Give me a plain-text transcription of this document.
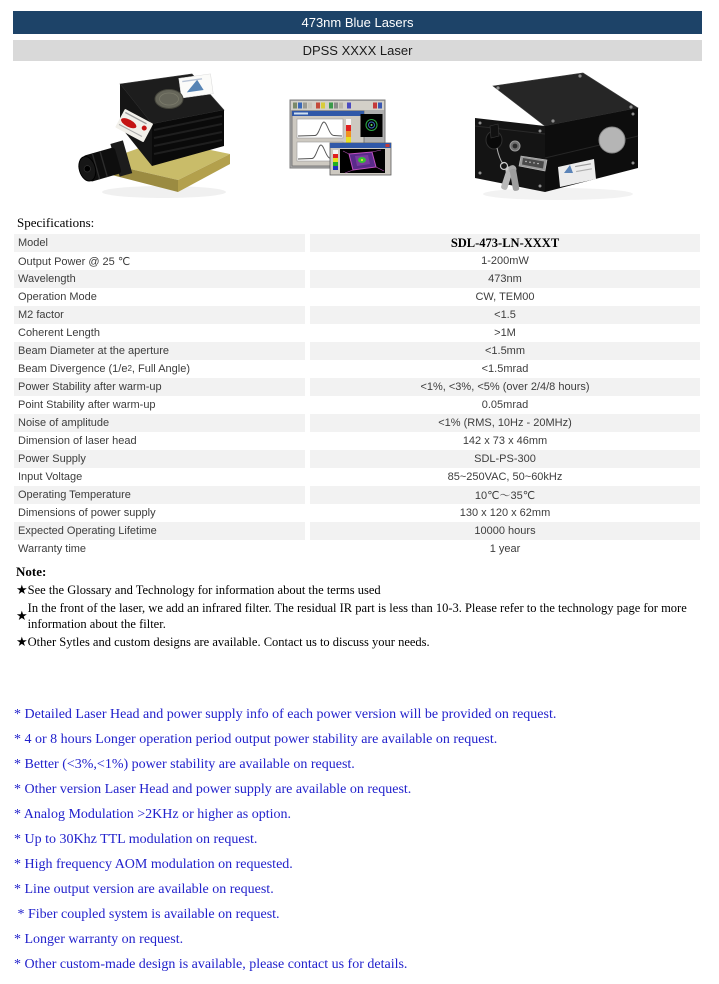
473nm Blue Lasers
DPSS XXXX Laser
Specifications:
Model	SDL-473-LN-XXXT
Output Power @ 25 ℃	1-200mW
Wavelength	473nm
Operation Mode	CW, TEM00
M2 factor	<1.5
Coherent Length	>1M
Beam Diameter at the aperture	<1.5mm
Beam Divergence (1/e 2 , Full Angle)	<1.5mrad
Power Stability after warm-up	<1%, <3%, <5% (over 2/4/8 hours)
Point Stability after warm-up	0.05mrad
Noise of amplitude	<1% (RMS, 10Hz - 20MHz)
Dimension of laser head	142 x 73 x 46mm
Power Supply	SDL-PS-300
Input Voltage	85~250VAC, 50~60kHz
Operating Temperature	10℃～35℃
Dimensions of power supply	130 x 120 x 62mm
Expected Operating Lifetime	10000 hours
Warranty time	1 year
Note:
★ See the Glossary and Technology for information about the terms used
★ In the front of the laser, we add an infrared filter. The residual IR part is less than 10-3. Please refer to the technology page for more information about the filter.
★ Other Sytles and custom designs are available. Contact us to discuss your needs.
* Detailed Laser Head and power supply info of each power version will be provided on request.
* 4 or 8 hours Longer operation period output power stability are available on request.
* Better (<3%,<1%) power stability are available on request.
* Other version Laser Head and power supply are available on request.
* Analog Modulation >2KHz or higher as option.
* Up to 30Khz TTL modulation on request.
* High frequency AOM modulation on requested.
* Line output version are available on request.
* Fiber coupled system is available on request.
* Longer warranty on request.
* Other custom-made design is available, please contact us for details.
